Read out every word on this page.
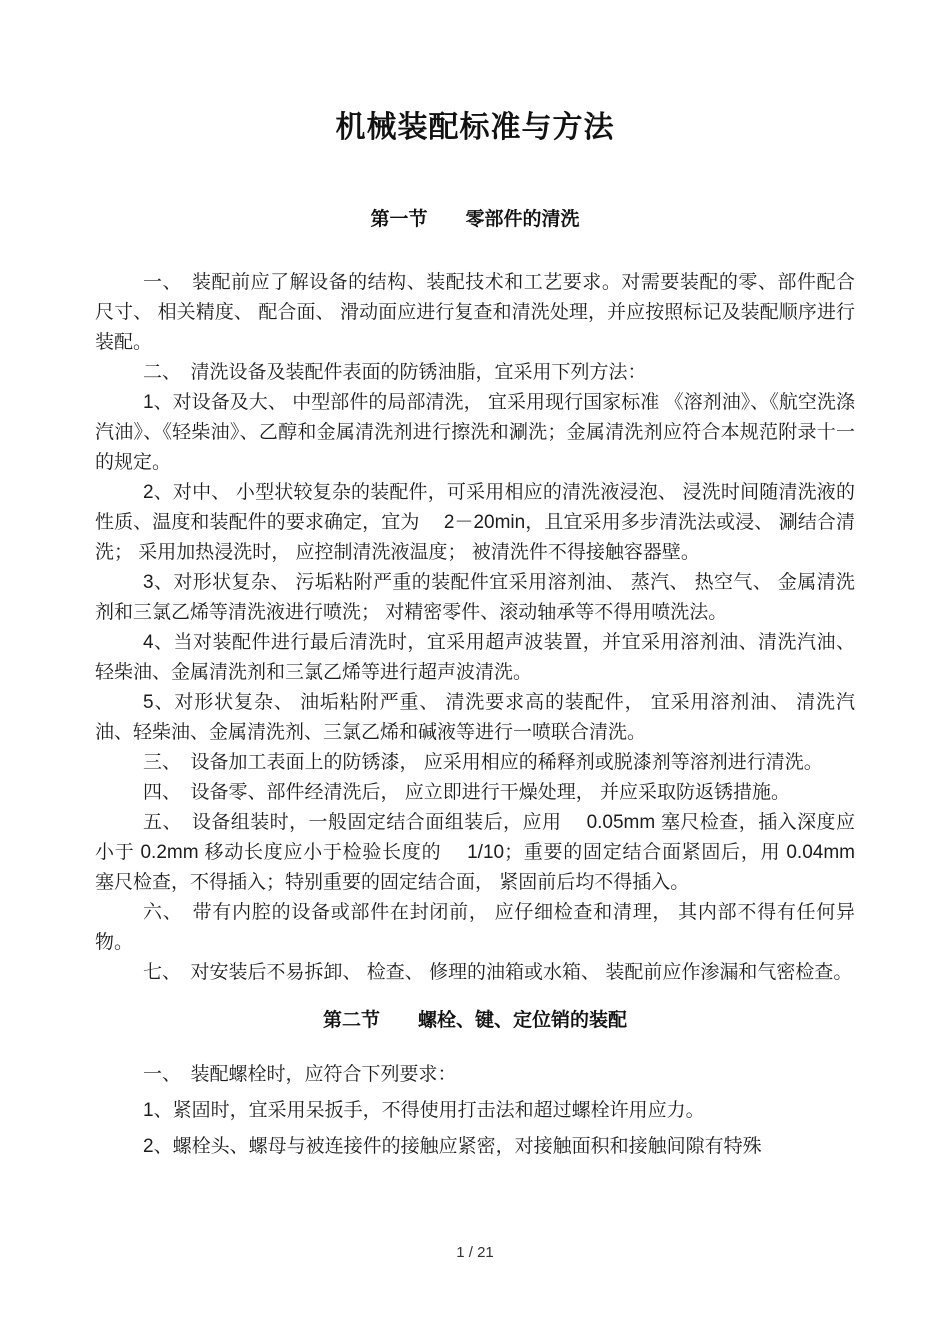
机械装配标准与方法
第一节　　零部件的清洗

一、　装配前应了解设备的结构、装配技术和工艺要求。对需要装配的零、部件配合尺寸、 相关精度、 配合面、 滑动面应进行复查和清洗处理，并应按照标记及装配顺序进行装配。

二、　清洗设备及装配件表面的防锈油脂，宜采用下列方法：

1、对设备及大、 中型部件的局部清洗， 宜采用现行国家标准 《溶剂油》、《航空洗涤汽油》、《轻柴油》、乙醇和金属清洗剂进行擦洗和涮洗；金属清洗剂应符合本规范附录十一的规定。

2、对中、 小型状较复杂的装配件，可采用相应的清洗液浸泡、 浸洗时间随清洗液的性质、温度和装配件的要求确定，宜为　 2－20min，且宜采用多步清洗法或浸、 涮结合清洗； 采用加热浸洗时， 应控制清洗液温度； 被清洗件不得接触容器壁。

3、对形状复杂、 污垢粘附严重的装配件宜采用溶剂油、 蒸汽、 热空气、 金属清洗剂和三氯乙烯等清洗液进行喷洗； 对精密零件、滚动轴承等不得用喷洗法。

4、当对装配件进行最后清洗时，宜采用超声波装置，并宜采用溶剂油、清洗汽油、轻柴油、金属清洗剂和三氯乙烯等进行超声波清洗。

5、对形状复杂、 油垢粘附严重、 清洗要求高的装配件， 宜采用溶剂油、 清洗汽油、轻柴油、金属清洗剂、三氯乙烯和碱液等进行一喷联合清洗。

三、　设备加工表面上的防锈漆， 应采用相应的稀释剂或脱漆剂等溶剂进行清洗。

四、　设备零、部件经清洗后， 应立即进行干燥处理， 并应采取防返锈措施。

五、　设备组装时，一般固定结合面组装后，应用　 0.05mm 塞尺检查，插入深度应小于 0.2mm 移动长度应小于检验长度的　 1/10；重要的固定结合面紧固后，用 0.04mm 塞尺检查，不得插入；特别重要的固定结合面， 紧固前后均不得插入。

六、　带有内腔的设备或部件在封闭前， 应仔细检查和清理， 其内部不得有任何异物。

七、　对安装后不易拆卸、 检查、 修理的油箱或水箱、 装配前应作渗漏和气密检查。

第二节　　螺栓、键、定位销的装配

一、　装配螺栓时，应符合下列要求：

1、紧固时，宜采用呆扳手，不得使用打击法和超过螺栓许用应力。

2、螺栓头、螺母与被连接件的接触应紧密，对接触面积和接触间隙有特殊

1 / 21
